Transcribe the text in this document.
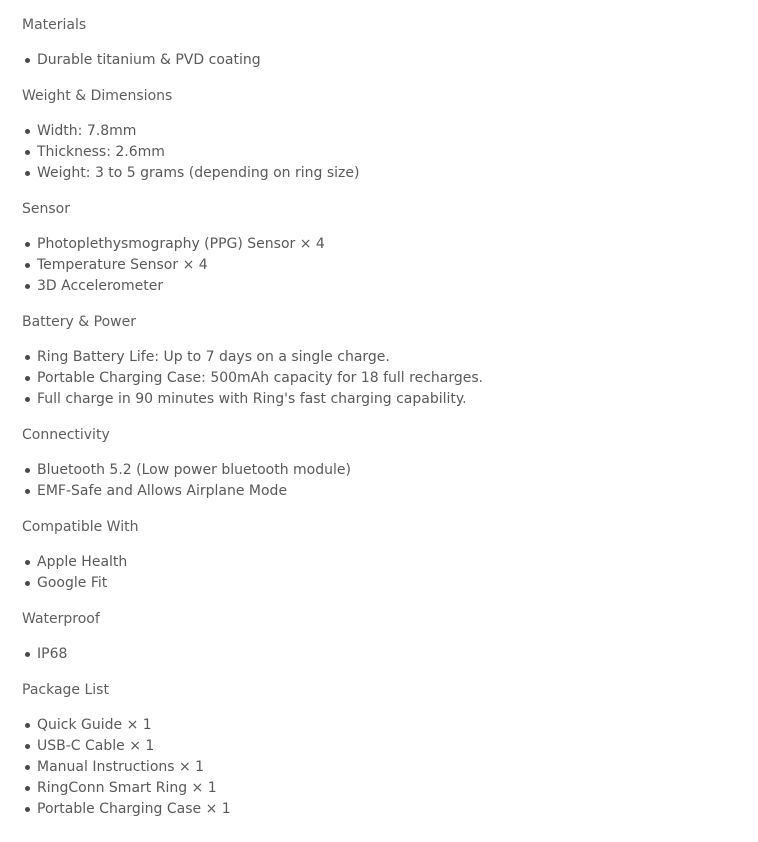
Materials
Durable titanium & PVD coating
Weight & Dimensions
Width: 7.8mm
Thickness: 2.6mm
Weight: 3 to 5 grams (depending on ring size)
Sensor
Photoplethysmography (PPG) Sensor × 4
Temperature Sensor × 4
3D Accelerometer
Battery & Power
Ring Battery Life: Up to 7 days on a single charge.
Portable Charging Case: 500mAh capacity for 18 full recharges.
Full charge in 90 minutes with Ring's fast charging capability.
Connectivity
Bluetooth 5.2 (Low power bluetooth module)
EMF-Safe and Allows Airplane Mode
Compatible With
Apple Health
Google Fit
Waterproof
IP68
Package List
Quick Guide × 1
USB-C Cable × 1
Manual Instructions × 1
RingConn Smart Ring × 1
Portable Charging Case × 1
